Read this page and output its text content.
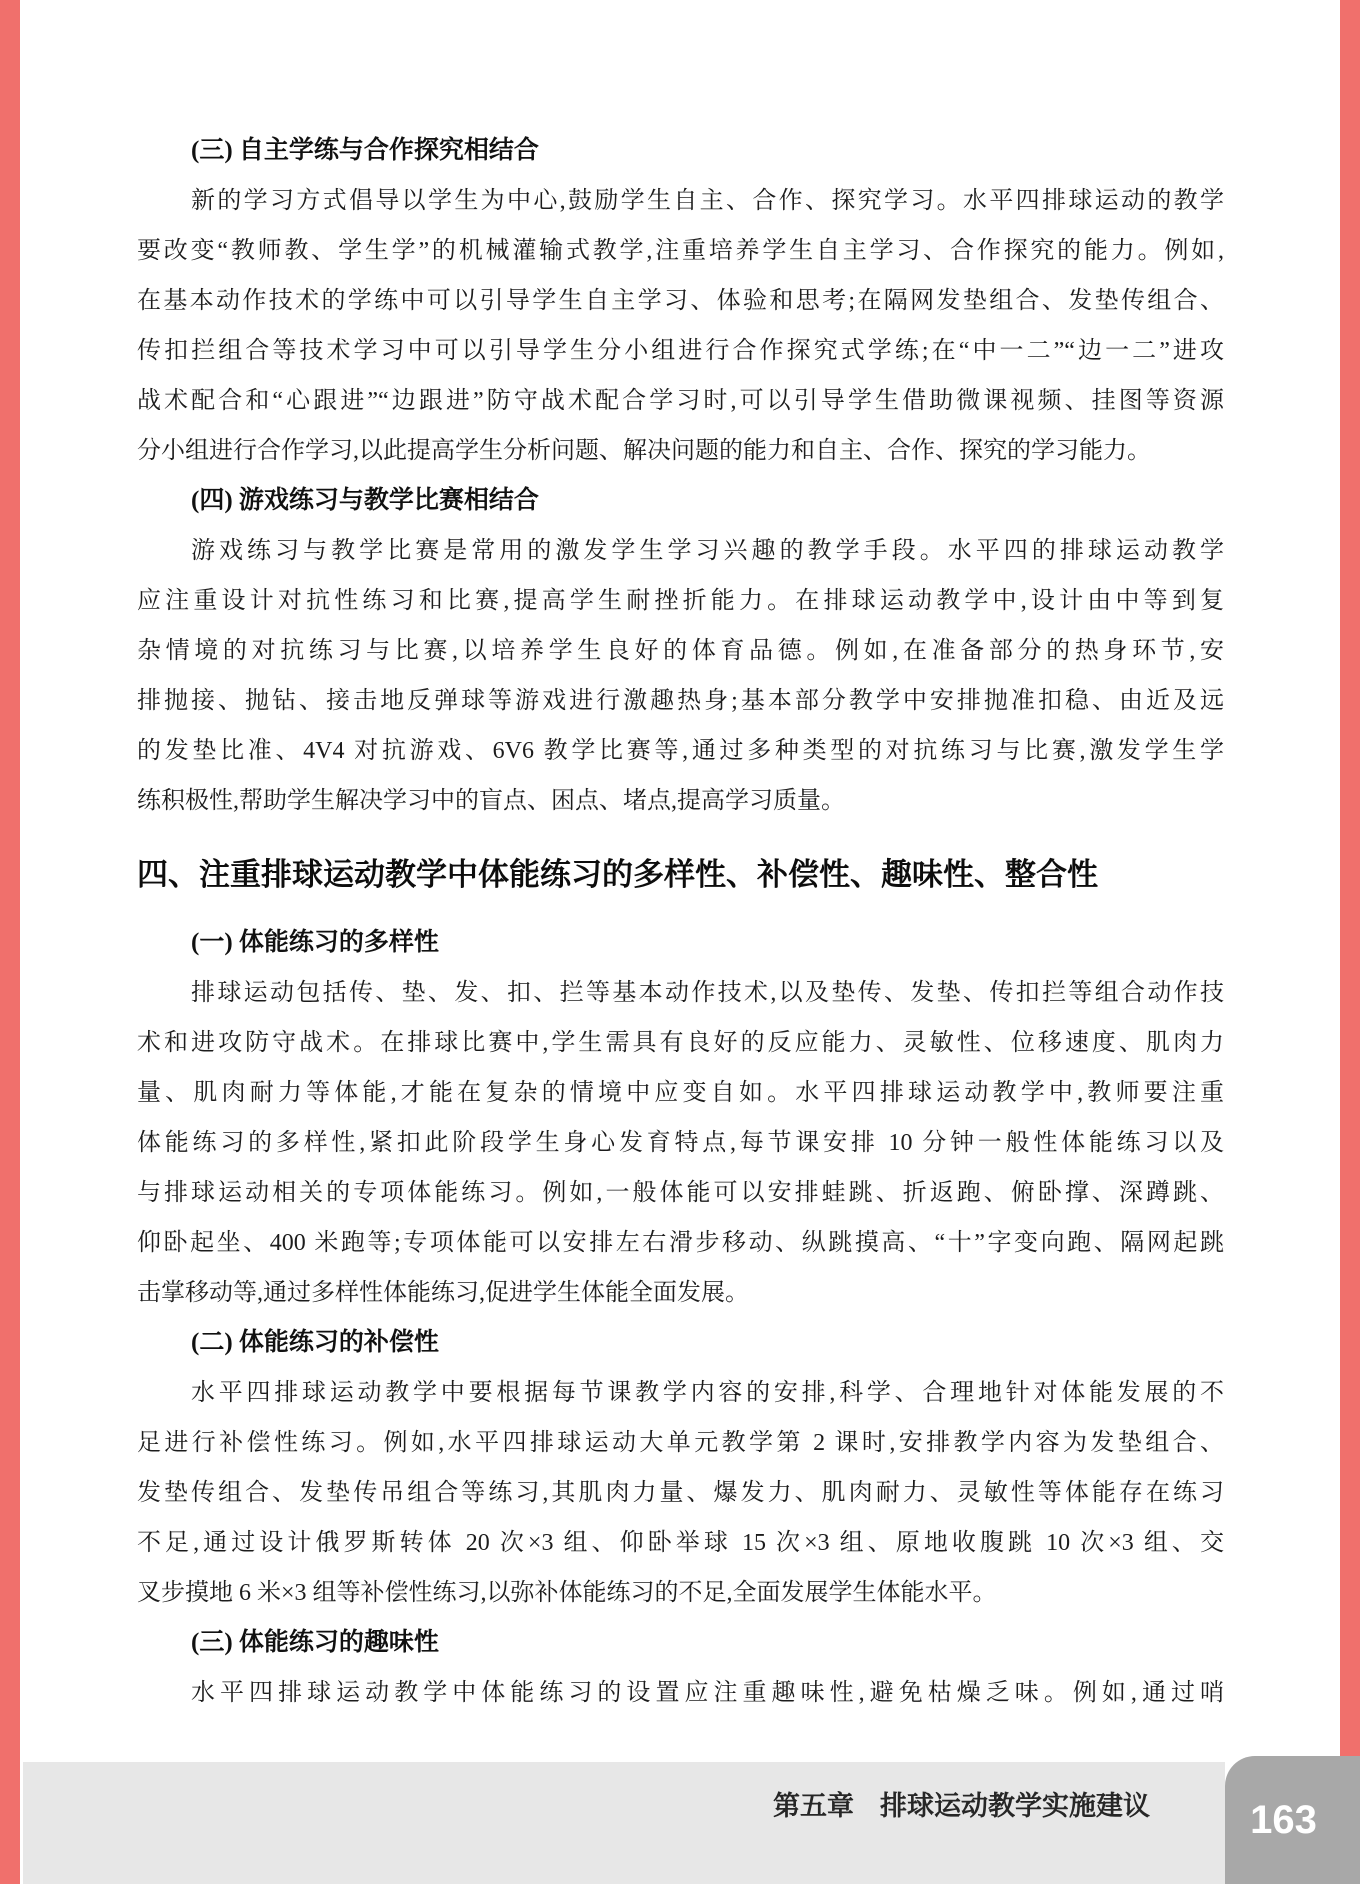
(三) 自主学练与合作探究相结合
新的学习方式倡导以学生为中心,鼓励学生自主、合作、探究学习。水平四排球运动的教学
要改变“教师教、学生学”的机械灌输式教学,注重培养学生自主学习、合作探究的能力。例如,
在基本动作技术的学练中可以引导学生自主学习、体验和思考;在隔网发垫组合、发垫传组合、
传扣拦组合等技术学习中可以引导学生分小组进行合作探究式学练;在“中一二”“边一二”进攻
战术配合和“心跟进”“边跟进”防守战术配合学习时,可以引导学生借助微课视频、挂图等资源
分小组进行合作学习,以此提高学生分析问题、解决问题的能力和自主、合作、探究的学习能力。
(四) 游戏练习与教学比赛相结合
游戏练习与教学比赛是常用的激发学生学习兴趣的教学手段。水平四的排球运动教学
应注重设计对抗性练习和比赛,提高学生耐挫折能力。在排球运动教学中,设计由中等到复
杂情境的对抗练习与比赛,以培养学生良好的体育品德。例如,在准备部分的热身环节,安
排抛接、抛钻、接击地反弹球等游戏进行激趣热身;基本部分教学中安排抛准扣稳、由近及远
的发垫比准、4V4 对抗游戏、6V6 教学比赛等,通过多种类型的对抗练习与比赛,激发学生学
练积极性,帮助学生解决学习中的盲点、困点、堵点,提高学习质量。
四、注重排球运动教学中体能练习的多样性、补偿性、趣味性、整合性
(一) 体能练习的多样性
排球运动包括传、垫、发、扣、拦等基本动作技术,以及垫传、发垫、传扣拦等组合动作技
术和进攻防守战术。在排球比赛中,学生需具有良好的反应能力、灵敏性、位移速度、肌肉力
量、肌肉耐力等体能,才能在复杂的情境中应变自如。水平四排球运动教学中,教师要注重
体能练习的多样性,紧扣此阶段学生身心发育特点,每节课安排 10 分钟一般性体能练习以及
与排球运动相关的专项体能练习。例如,一般体能可以安排蛙跳、折返跑、俯卧撑、深蹲跳、
仰卧起坐、400 米跑等;专项体能可以安排左右滑步移动、纵跳摸高、“十”字变向跑、隔网起跳
击掌移动等,通过多样性体能练习,促进学生体能全面发展。
(二) 体能练习的补偿性
水平四排球运动教学中要根据每节课教学内容的安排,科学、合理地针对体能发展的不
足进行补偿性练习。例如,水平四排球运动大单元教学第 2 课时,安排教学内容为发垫组合、
发垫传组合、发垫传吊组合等练习,其肌肉力量、爆发力、肌肉耐力、灵敏性等体能存在练习
不足,通过设计俄罗斯转体 20 次×3 组、仰卧举球 15 次×3 组、原地收腹跳 10 次×3 组、交
叉步摸地 6 米×3 组等补偿性练习,以弥补体能练习的不足,全面发展学生体能水平。
(三) 体能练习的趣味性
水平四排球运动教学中体能练习的设置应注重趣味性,避免枯燥乏味。例如,通过哨
第五章 排球运动教学实施建议	163
